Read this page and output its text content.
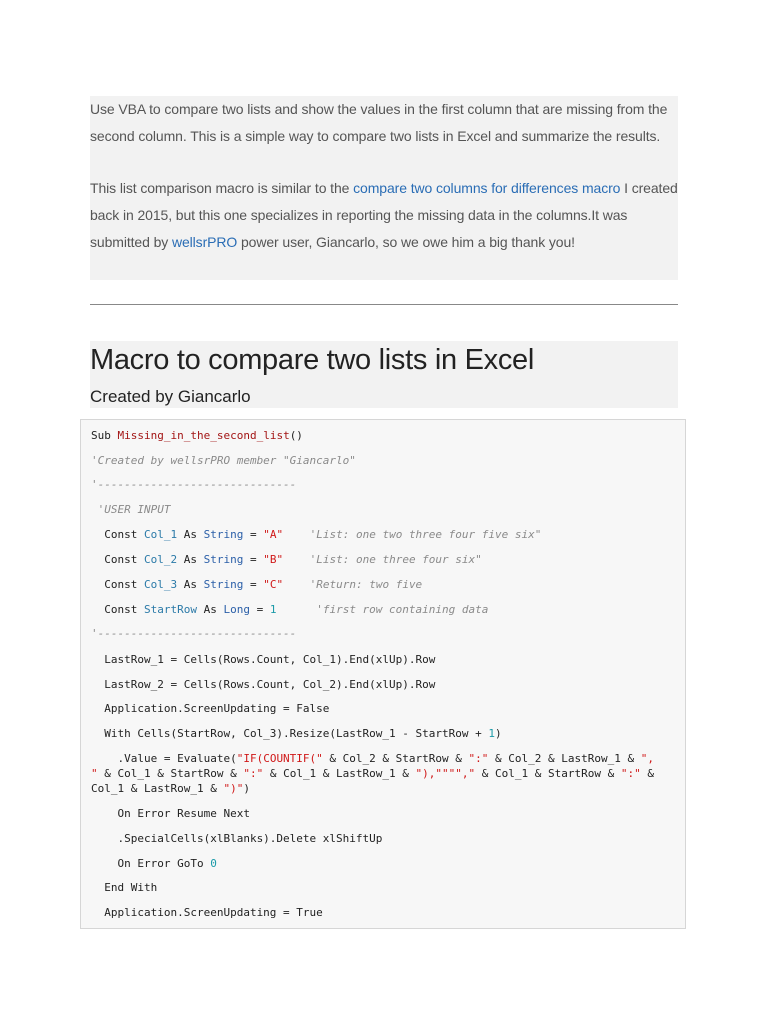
Use VBA to compare two lists and show the values in the first column that are missing from the second column. This is a simple way to compare two lists in Excel and summarize the results.

This list comparison macro is similar to the compare two columns for differences macro I created back in 2015, but this one specializes in reporting the missing data in the columns.It was submitted by wellsrPRO power user, Giancarlo, so we owe him a big thank you!

Macro to compare two lists in Excel
Created by Giancarlo
Sub Missing_in_the_second_list()
'Created by wellsrPRO member "Giancarlo"
'------------------------------
'USER INPUT
Const Col_1 As String = "A"    'List: one two three four five six"
Const Col_2 As String = "B"    'List: one three four six"
Const Col_3 As String = "C"    'Return: two five
Const StartRow As Long = 1      'first row containing data
'------------------------------
LastRow_1 = Cells(Rows.Count, Col_1).End(xlUp).Row
LastRow_2 = Cells(Rows.Count, Col_2).End(xlUp).Row
Application.ScreenUpdating = False
With Cells(StartRow, Col_3).Resize(LastRow_1 - StartRow + 1)
.Value = Evaluate("IF(COUNTIF(" & Col_2 & StartRow & ":" & Col_2 & LastRow_1 & ",
" & Col_1 & StartRow & ":" & Col_1 & LastRow_1 & "),""""," & Col_1 & StartRow & ":" &
Col_1 & LastRow_1 & ")")
On Error Resume Next
.SpecialCells(xlBlanks).Delete xlShiftUp
On Error GoTo 0
End With
Application.ScreenUpdating = True
